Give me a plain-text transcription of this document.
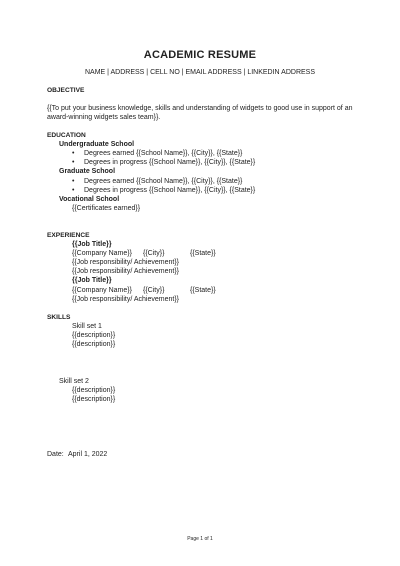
ACADEMIC RESUME
NAME | ADDRESS | CELL NO | EMAIL ADDRESS | LINKEDIN ADDRESS
OBJECTIVE
{{To put your business knowledge, skills and understanding of widgets to good use in support of an
award-winning widgets sales team}}.
EDUCATION
Undergraduate School
• Degrees earned {{School Name}}, {{City}}, {{State}}
• Degrees in progress {{School Name}}, {{City}}, {{State}}
Graduate School
• Degrees earned {{School Name}}, {{City}}, {{State}}
• Degrees in progress {{School Name}}, {{City}}, {{State}}
Vocational School
{{Certificates earned}}
EXPERIENCE
{{Job Title}}
{{Company Name}} {{City}}	{{State}}
{{Job responsibility/ Achievement}}
{{Job responsibility/ Achievement}}
{{Job Title}}
{{Company Name}} {{City}}	{{State}}
{{Job responsibility/ Achievement}}
SKILLS
Skill set 1
{{description}}
{{description}}
Skill set 2
{{description}}
{{description}}
Date: April 1, 2022
Page 1 of 1
